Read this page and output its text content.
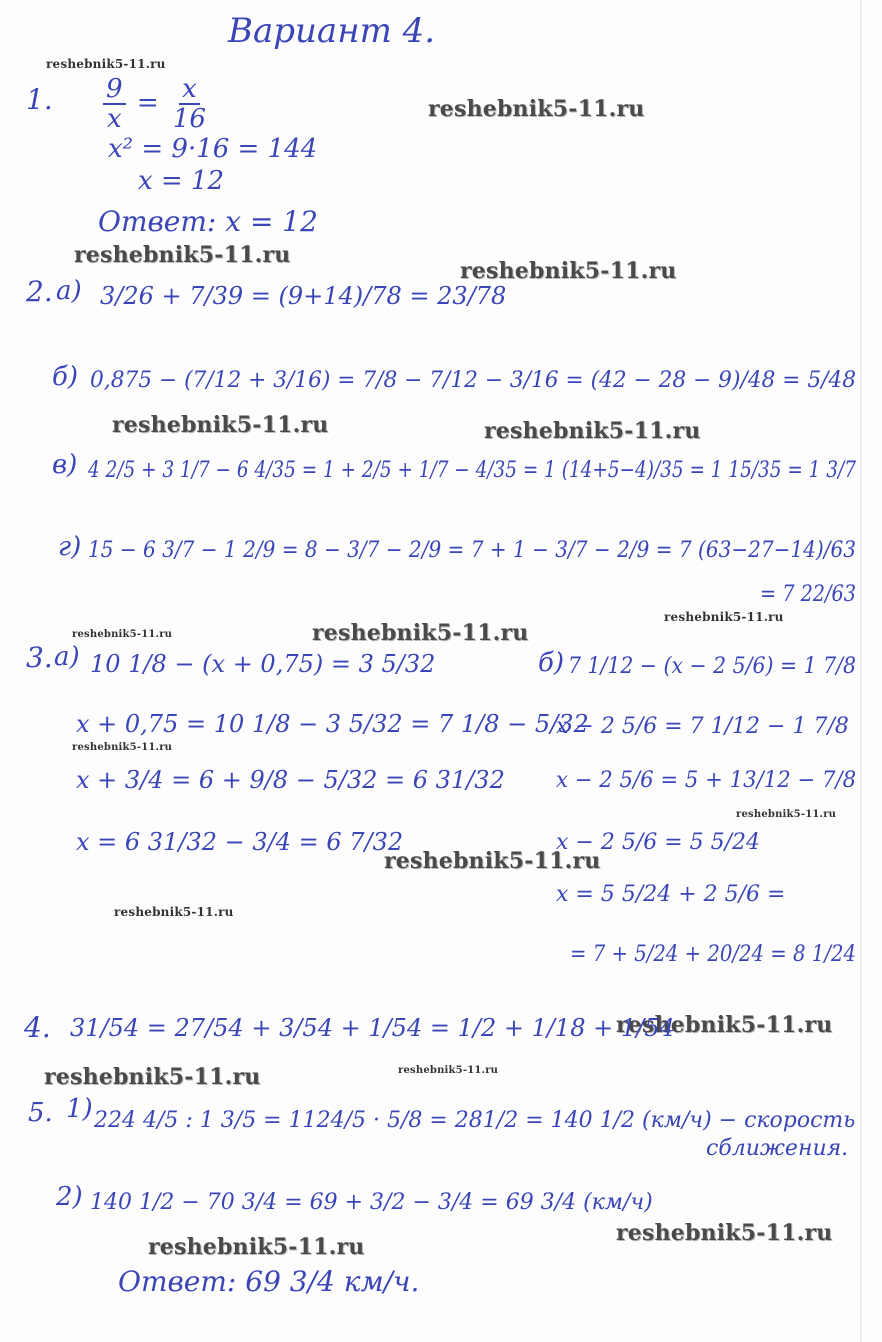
Вариант 4.
reshebnik5-11.ru
reshebnik5-11.ru
reshebnik5-11.ru
reshebnik5-11.ru
reshebnik5-11.ru	reshebnik5-11.ru
reshebnik5-11.ru
reshebnik5-11.ru	reshebnik5-11.ru
reshebnik5-11.ru
reshebnik5-11.ru
reshebnik5-11.ru
reshebnik5-11.ru
reshebnik5-11.ru
reshebnik5-11.ru	reshebnik5-11.ru
reshebnik5-11.ru
reshebnik5-11.ru
1. $\frac{9}{x} = \frac{x}{16}$
x² = 9·16 = 144
x = 12
Ответ: x = 12
2. а) 3/26 + 7/39 = (9+14)/78 = 23/78
б) 0,875 − (7/12 + 3/16) = 7/8 − 7/12 − 3/16 = (42 − 28 − 9)/48 = 5/48
в) 4 2/5 + 3 1/7 − 6 4/35 = 1 + 2/5 + 1/7 − 4/35 = 1 (14+5−4)/35 = 1 15/35 = 1 3/7
г) 15 − 6 3/7 − 1 2/9 = 8 − 3/7 − 2/9 = 7 + 1 − 3/7 − 2/9 = 7 (63−27−14)/63
= 7 22/63
3. а) 10 1/8 − (x + 0,75) = 3 5/32
x + 0,75 = 10 1/8 − 3 5/32 = 7 1/8 − 5/32
x + 3/4 = 6 + 9/8 − 5/32 = 6 31/32
x = 6 31/32 − 3/4 = 6 7/32
б) 7 1/12 − (x − 2 5/6) = 1 7/8
x − 2 5/6 = 7 1/12 − 1 7/8
x − 2 5/6 = 5 + 13/12 − 7/8
x − 2 5/6 = 5 5/24
x = 5 5/24 + 2 5/6 =
= 7 + 5/24 + 20/24 = 8 1/24
4. 31/54 = 27/54 + 3/54 + 1/54 = 1/2 + 1/18 + 1/54
5. 1) 224 4/5 : 1 3/5 = 1124/5 · 5/8 = 281/2 = 140 1/2 (км/ч) − скорость
сближения.
2) 140 1/2 − 70 3/4 = 69 + 3/2 − 3/4 = 69 3/4 (км/ч)
Ответ: 69 3/4 км/ч.
